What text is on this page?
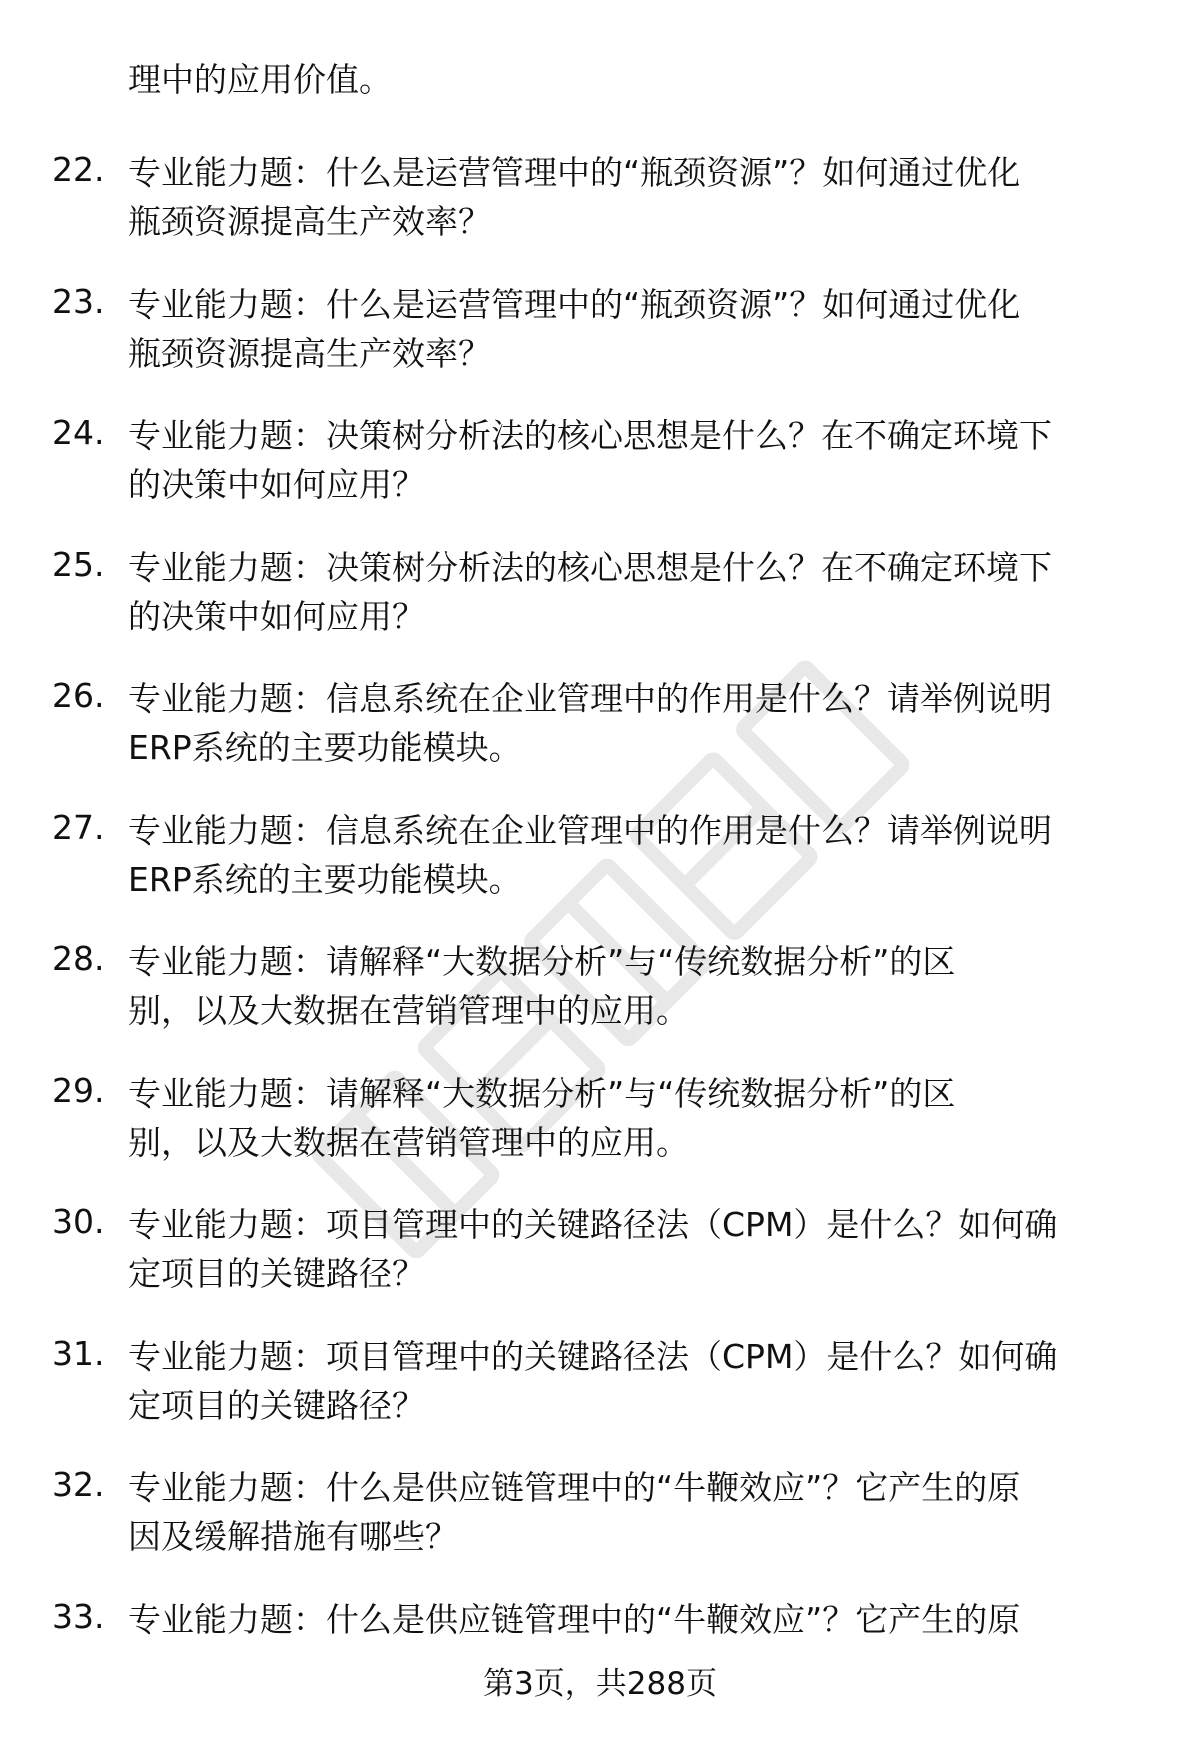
理中的应用价值。
22. 专业能力题：什么是运营管理中的“瓶颈资源”？如何通过优化
瓶颈资源提高生产效率？
23. 专业能力题：什么是运营管理中的“瓶颈资源”？如何通过优化
瓶颈资源提高生产效率？
24. 专业能力题：决策树分析法的核心思想是什么？在不确定环境下
的决策中如何应用？
25. 专业能力题：决策树分析法的核心思想是什么？在不确定环境下
的决策中如何应用？
26. 专业能力题：信息系统在企业管理中的作用是什么？请举例说明
ERP系统的主要功能模块。
27. 专业能力题：信息系统在企业管理中的作用是什么？请举例说明
ERP系统的主要功能模块。
28. 专业能力题：请解释“大数据分析”与“传统数据分析”的区
别，以及大数据在营销管理中的应用。
29. 专业能力题：请解释“大数据分析”与“传统数据分析”的区
别，以及大数据在营销管理中的应用。
30. 专业能力题：项目管理中的关键路径法（CPM）是什么？如何确
定项目的关键路径？
31. 专业能力题：项目管理中的关键路径法（CPM）是什么？如何确
定项目的关键路径？
32. 专业能力题：什么是供应链管理中的“牛鞭效应”？它产生的原
因及缓解措施有哪些？
33. 专业能力题：什么是供应链管理中的“牛鞭效应”？它产生的原
第3页，共288页
